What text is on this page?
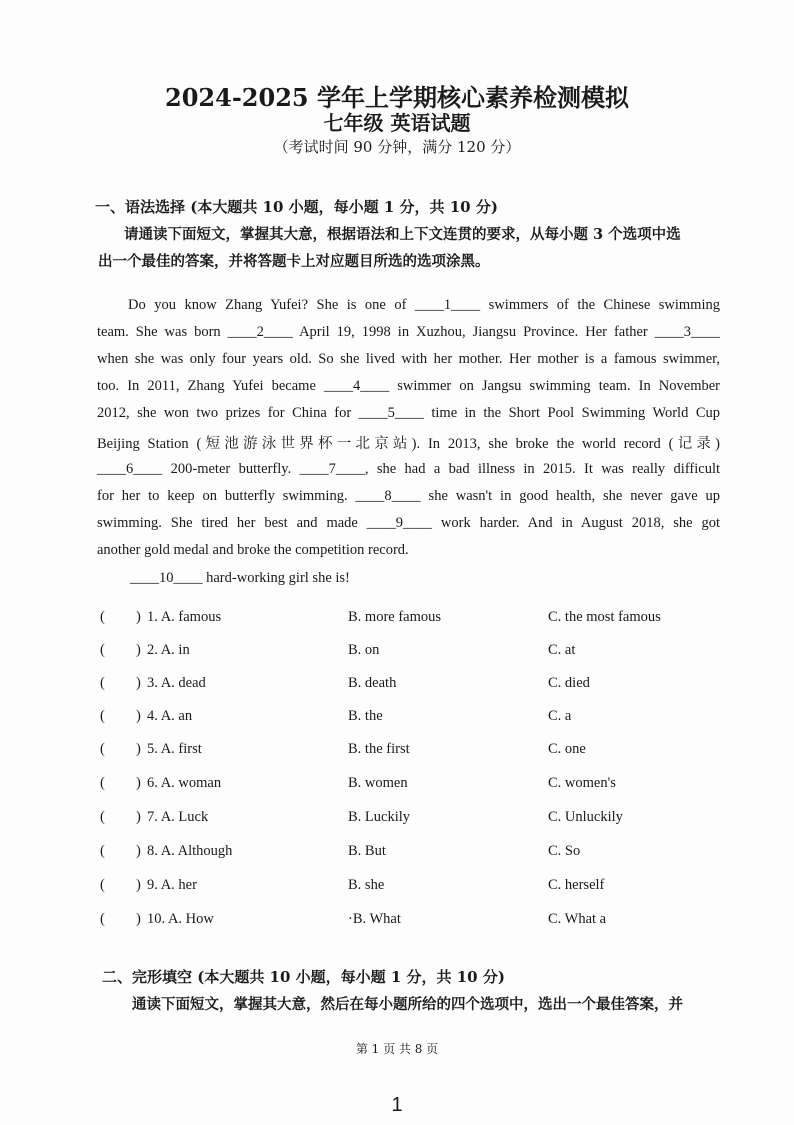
2024-2025 学年上学期核心素养检测模拟
七年级 英语试题
（考试时间 90 分钟，满分 120 分）
一、语法选择 (本大题共 10 小题，每小题 1 分，共 10 分)
请通读下面短文，掌握其大意，根据语法和上下文连贯的要求，从每小题 3 个选项中选
出一个最佳的答案，并将答题卡上对应题目所选的选项涂黑。
Do you know Zhang Yufei? She is one of ____1____ swimmers of the Chinese swimming
team. She was born ____2____ April 19, 1998 in Xuzhou, Jiangsu Province. Her father ____3____
when she was only four years old. So she lived with her mother. Her mother is a famous swimmer,
too. In 2011, Zhang Yufei became ____4____ swimmer on Jangsu swimming team. In November
2012, she won two prizes for China for ____5____ time in the Short Pool Swimming World Cup
Beijing Station (短池游泳世界杯一北京站). In 2013, she broke the world record (记录)
____6____ 200-meter butterfly. ____7____, she had a bad illness in 2015. It was really difficult
for her to keep on butterfly swimming. ____8____ she wasn't in good health, she never gave up
swimming. She tired her best and made ____9____ work harder. And in August 2018, she got
another gold medal and broke the competition record.
____10____ hard-working girl she is!
( ) 1. A. famous	B. more famous	C. the most famous
( ) 2. A. in	B. on	C. at
( ) 3. A. dead	B. death	C. died
( ) 4. A. an	B. the	C. a
( ) 5. A. first	B. the first	C. one
( ) 6. A. woman	B. women	C. women's
( ) 7. A. Luck	B. Luckily	C. Unluckily
( ) 8. A. Although	B. But	C. So
( ) 9. A. her	B. she	C. herself
( ) 10. A. How	·B. What	C. What a
二、完形填空 (本大题共 10 小题，每小题 1 分，共 10 分)
通读下面短文，掌握其大意，然后在每小题所给的四个选项中，选出一个最佳答案，并
第 1 页 共 8 页
1
